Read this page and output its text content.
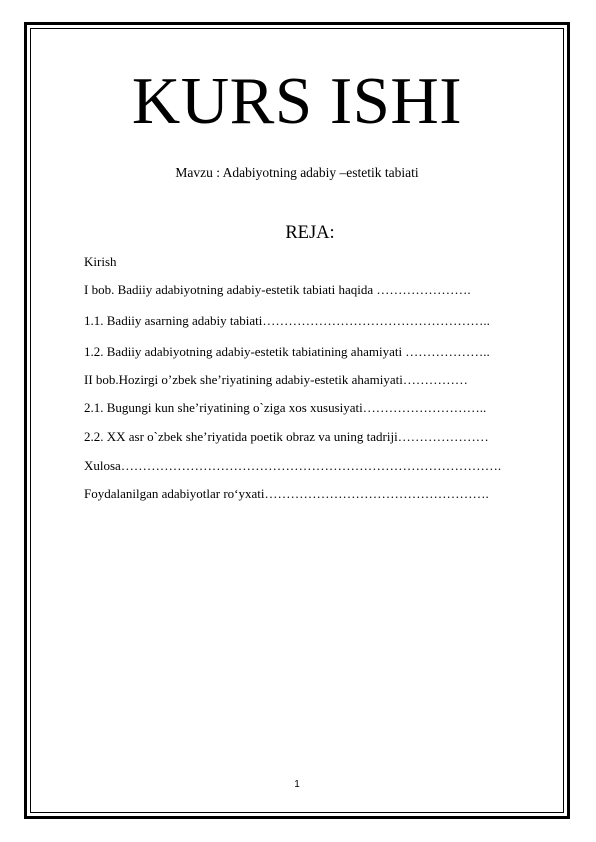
KURS ISHI
Mavzu : Adabiyotning adabiy –estetik tabiati
REJA:
Kirish
I bob. Badiiy adabiyotning adabiy-estetik tabiati haqida ………………….
1.1. Badiiy asarning adabiy tabiati……………………………………………..
1.2. Badiiy adabiyotning adabiy-estetik tabiatining ahamiyati ………………..
II bob.Hozirgi o’zbek she’riyatining adabiy-estetik ahamiyati……………
2.1. Bugungi kun she’riyatining o`ziga xos xususiyati………………………..
2.2. XX asr o`zbek she’riyatida poetik obraz va uning tadriji…………………
Xulosa…………………………………………………………………………….
Foydalanilgan adabiyotlar ro‘yxati…………………………………………….
1
